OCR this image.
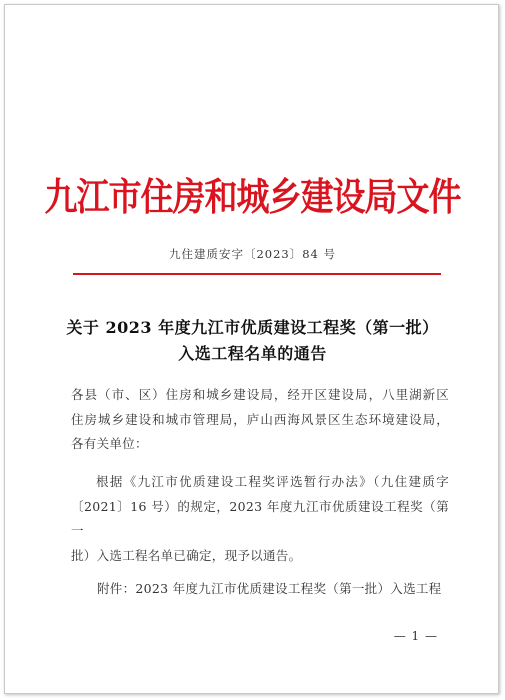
九江市住房和城乡建设局文件
九住建质安字〔2023〕84 号
关于 2023 年度九江市优质建设工程奖（第一批）
入选工程名单的通告
各县（市、区）住房和城乡建设局，经开区建设局，八里湖新区
住房城乡建设和城市管理局，庐山西海风景区生态环境建设局，
各有关单位：
根据《九江市优质建设工程奖评选暂行办法》（九住建质字
〔2021〕16 号）的规定，2023 年度九江市优质建设工程奖（第一
批）入选工程名单已确定，现予以通告。
附件：2023 年度九江市优质建设工程奖（第一批）入选工程
— 1 —
